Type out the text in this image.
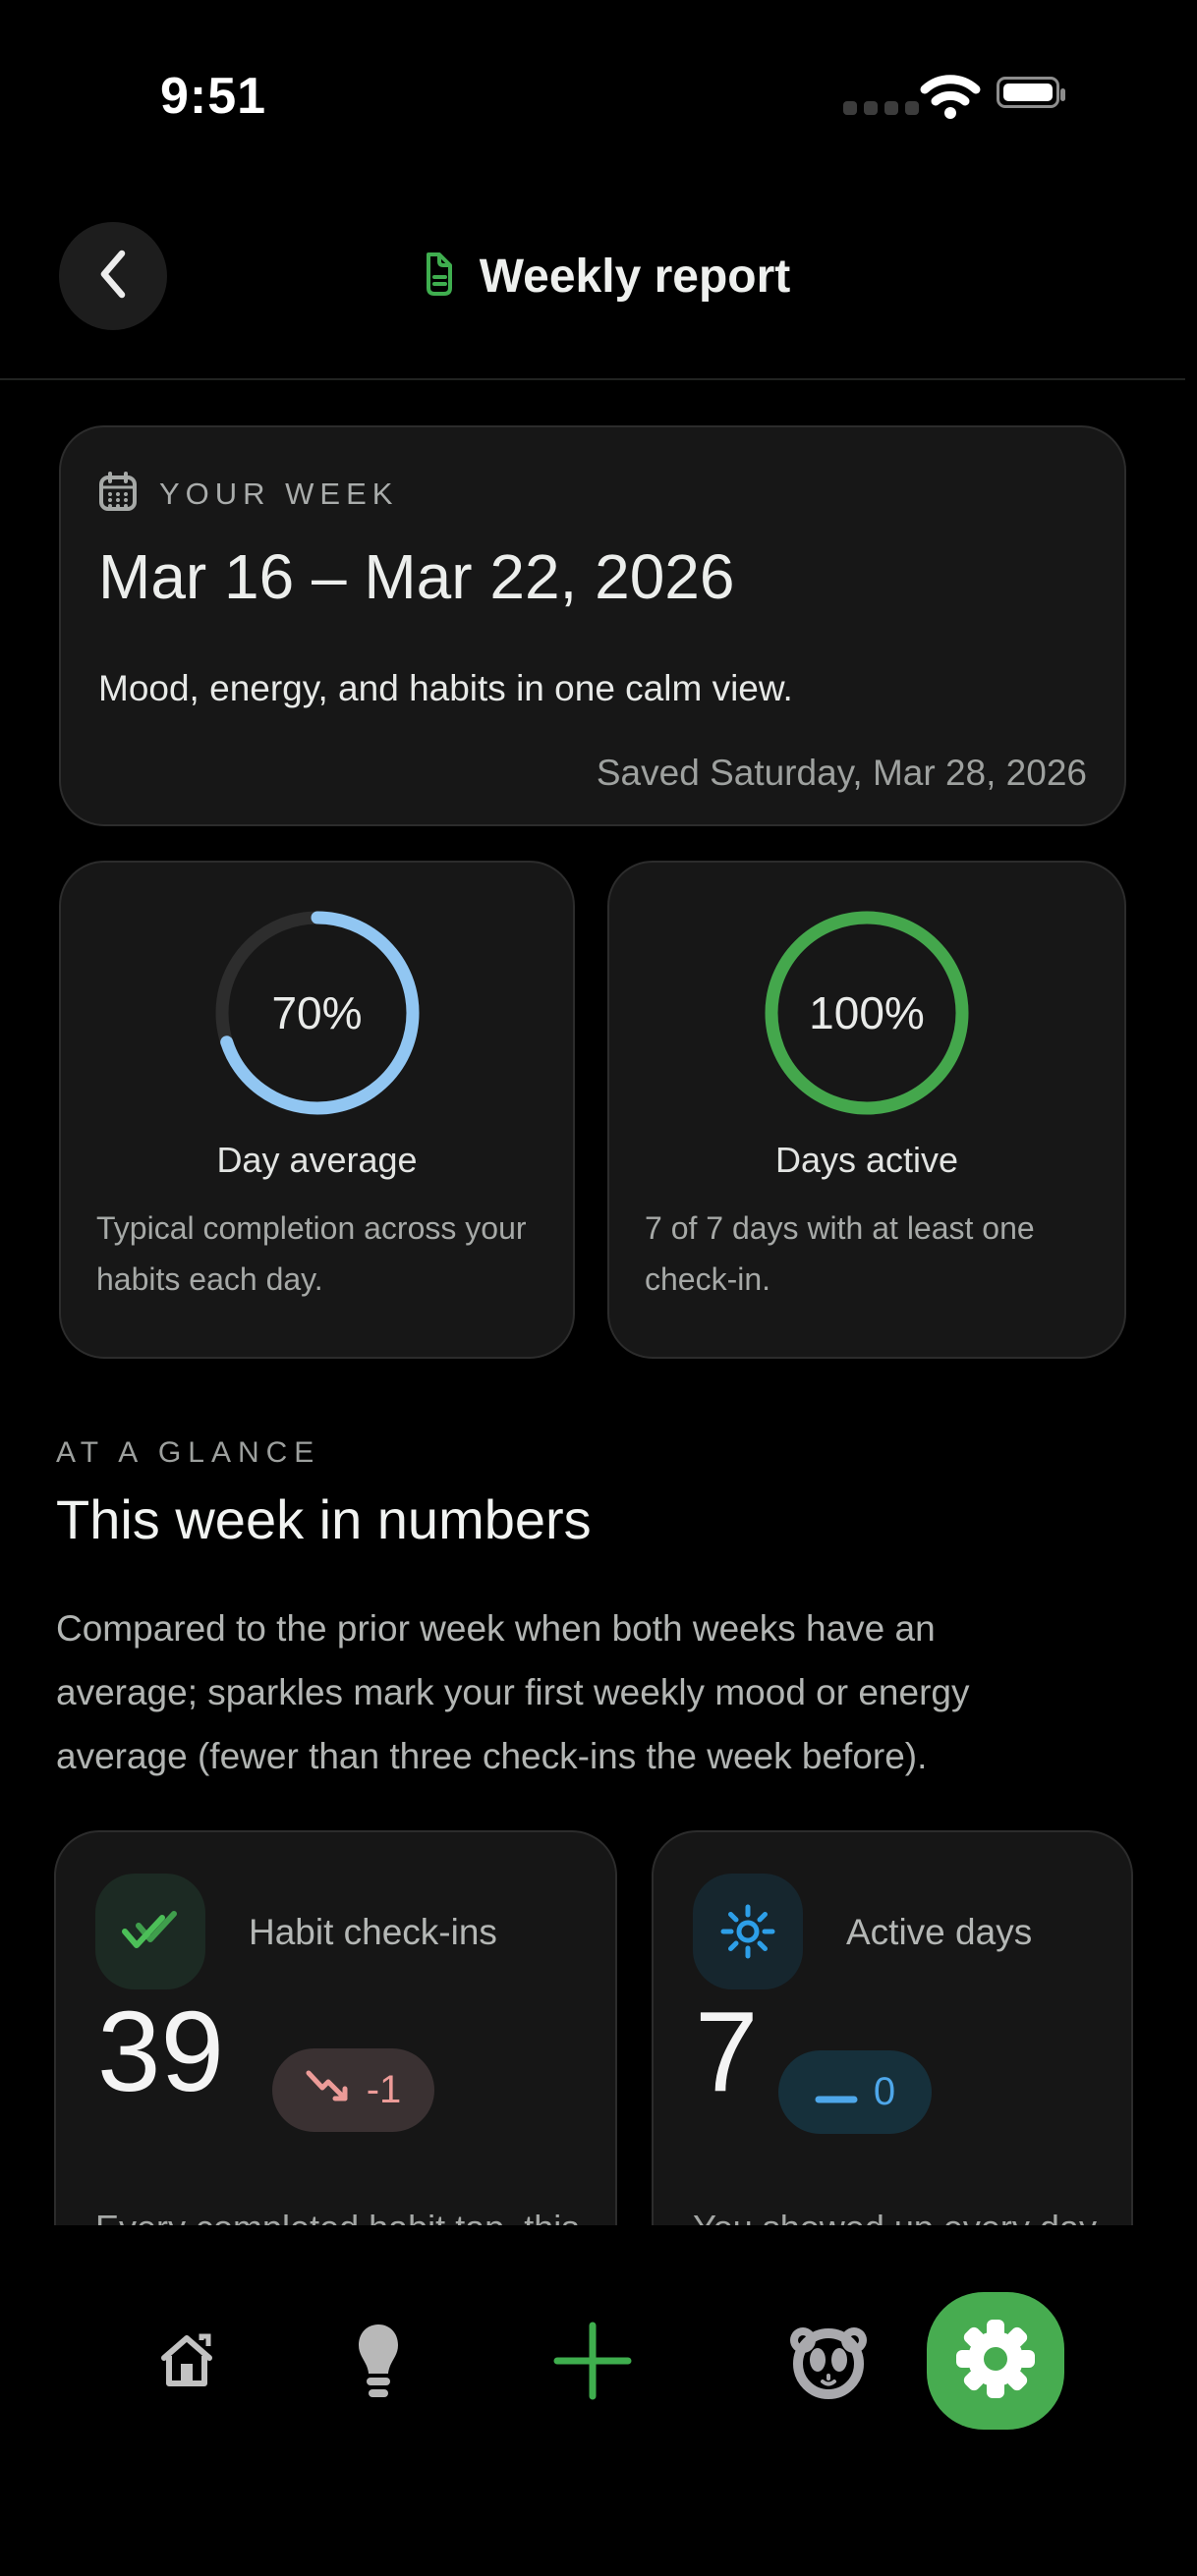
9:51
Weekly report
YOUR WEEK
Mar 16 – Mar 22, 2026
Mood, energy, and habits in one calm view.
Saved Saturday, Mar 28, 2026
70%
Day average
Typical completion across your habits each day.
100%
Days active
7 of 7 days with at least one check-in.
AT A GLANCE
This week in numbers
Compared to the prior week when both weeks have an
average; sparkles mark your first weekly mood or energy
average (fewer than three check-ins the week before).
Habit check-ins
39	-1
Active days
7	0
